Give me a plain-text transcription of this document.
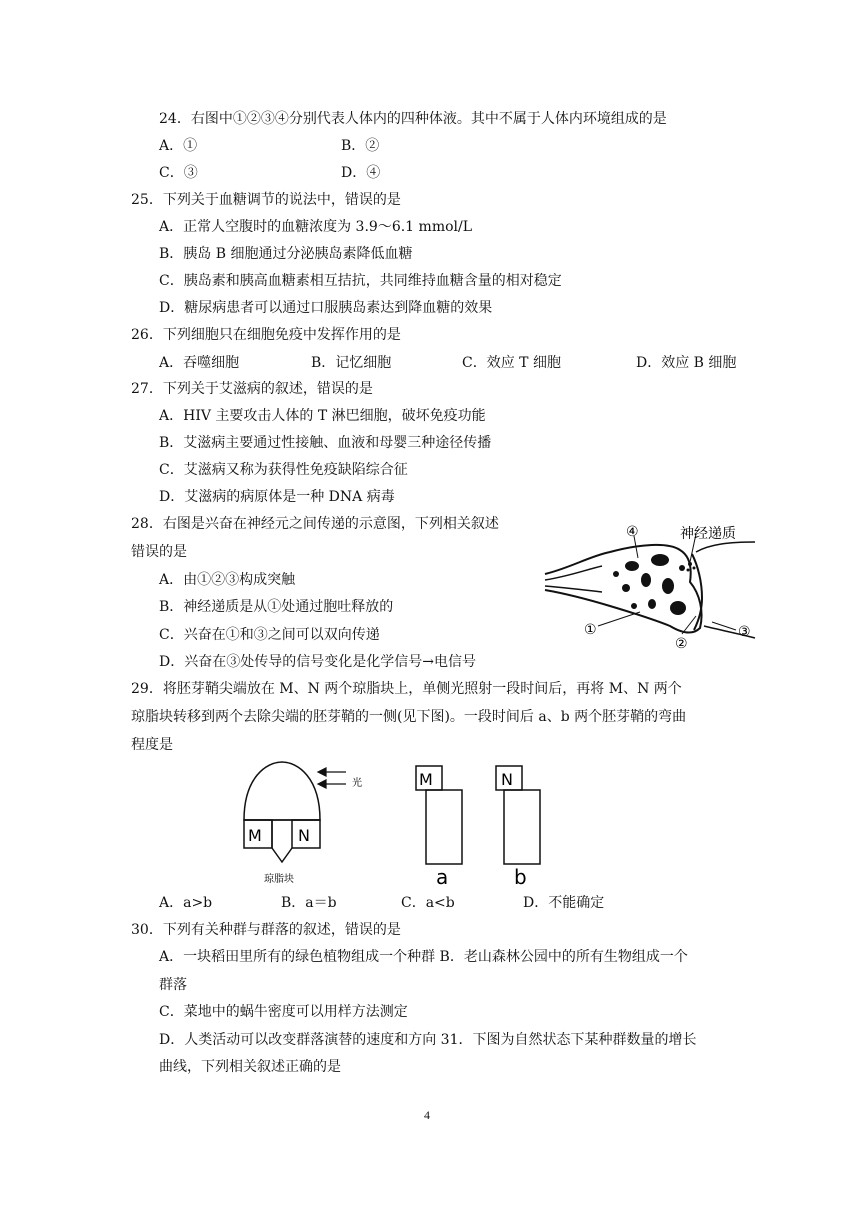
24．右图中①②③④分别代表人体内的四种体液。其中不属于人体内环境组成的是
A．①	B．②
C．③	D．④
25．下列关于血糖调节的说法中，错误的是
A．正常人空腹时的血糖浓度为 3.9～6.1 mmol/L
B．胰岛 B 细胞通过分泌胰岛素降低血糖
C．胰岛素和胰高血糖素相互拮抗，共同维持血糖含量的相对稳定
D．糖尿病患者可以通过口服胰岛素达到降血糖的效果
26．下列细胞只在细胞免疫中发挥作用的是
A．吞噬细胞	B．记忆细胞	C．效应 T 细胞	D．效应 B 细胞
27．下列关于艾滋病的叙述，错误的是
A．HIV 主要攻击人体的 T 淋巴细胞，破坏免疫功能
B．艾滋病主要通过性接触、血液和母婴三种途径传播
C．艾滋病又称为获得性免疫缺陷综合征
D．艾滋病的病原体是一种 DNA 病毒
28．右图是兴奋在神经元之间传递的示意图，下列相关叙述
错误的是
A．由①②③构成突触
B．神经递质是从①处通过胞吐释放的
C．兴奋在①和③之间可以双向传递
D．兴奋在③处传导的信号变化是化学信号→电信号
④	神经递质
①
②
③
29．将胚芽鞘尖端放在 M、N 两个琼脂块上，单侧光照射一段时间后，再将 M、N 两个
琼脂块转移到两个去除尖端的胚芽鞘的一侧(见下图)。一段时间后 a、b 两个胚芽鞘的弯曲
程度是
光
M N
琼脂块
M
a
N
b
A．a>b	B．a＝b	C．a<b	D．不能确定
30．下列有关种群与群落的叙述，错误的是
A．一块稻田里所有的绿色植物组成一个种群 B．老山森林公园中的所有生物组成一个
群落
C．菜地中的蜗牛密度可以用样方法测定
D．人类活动可以改变群落演替的速度和方向 31．下图为自然状态下某种群数量的增长
曲线，下列相关叙述正确的是
4
